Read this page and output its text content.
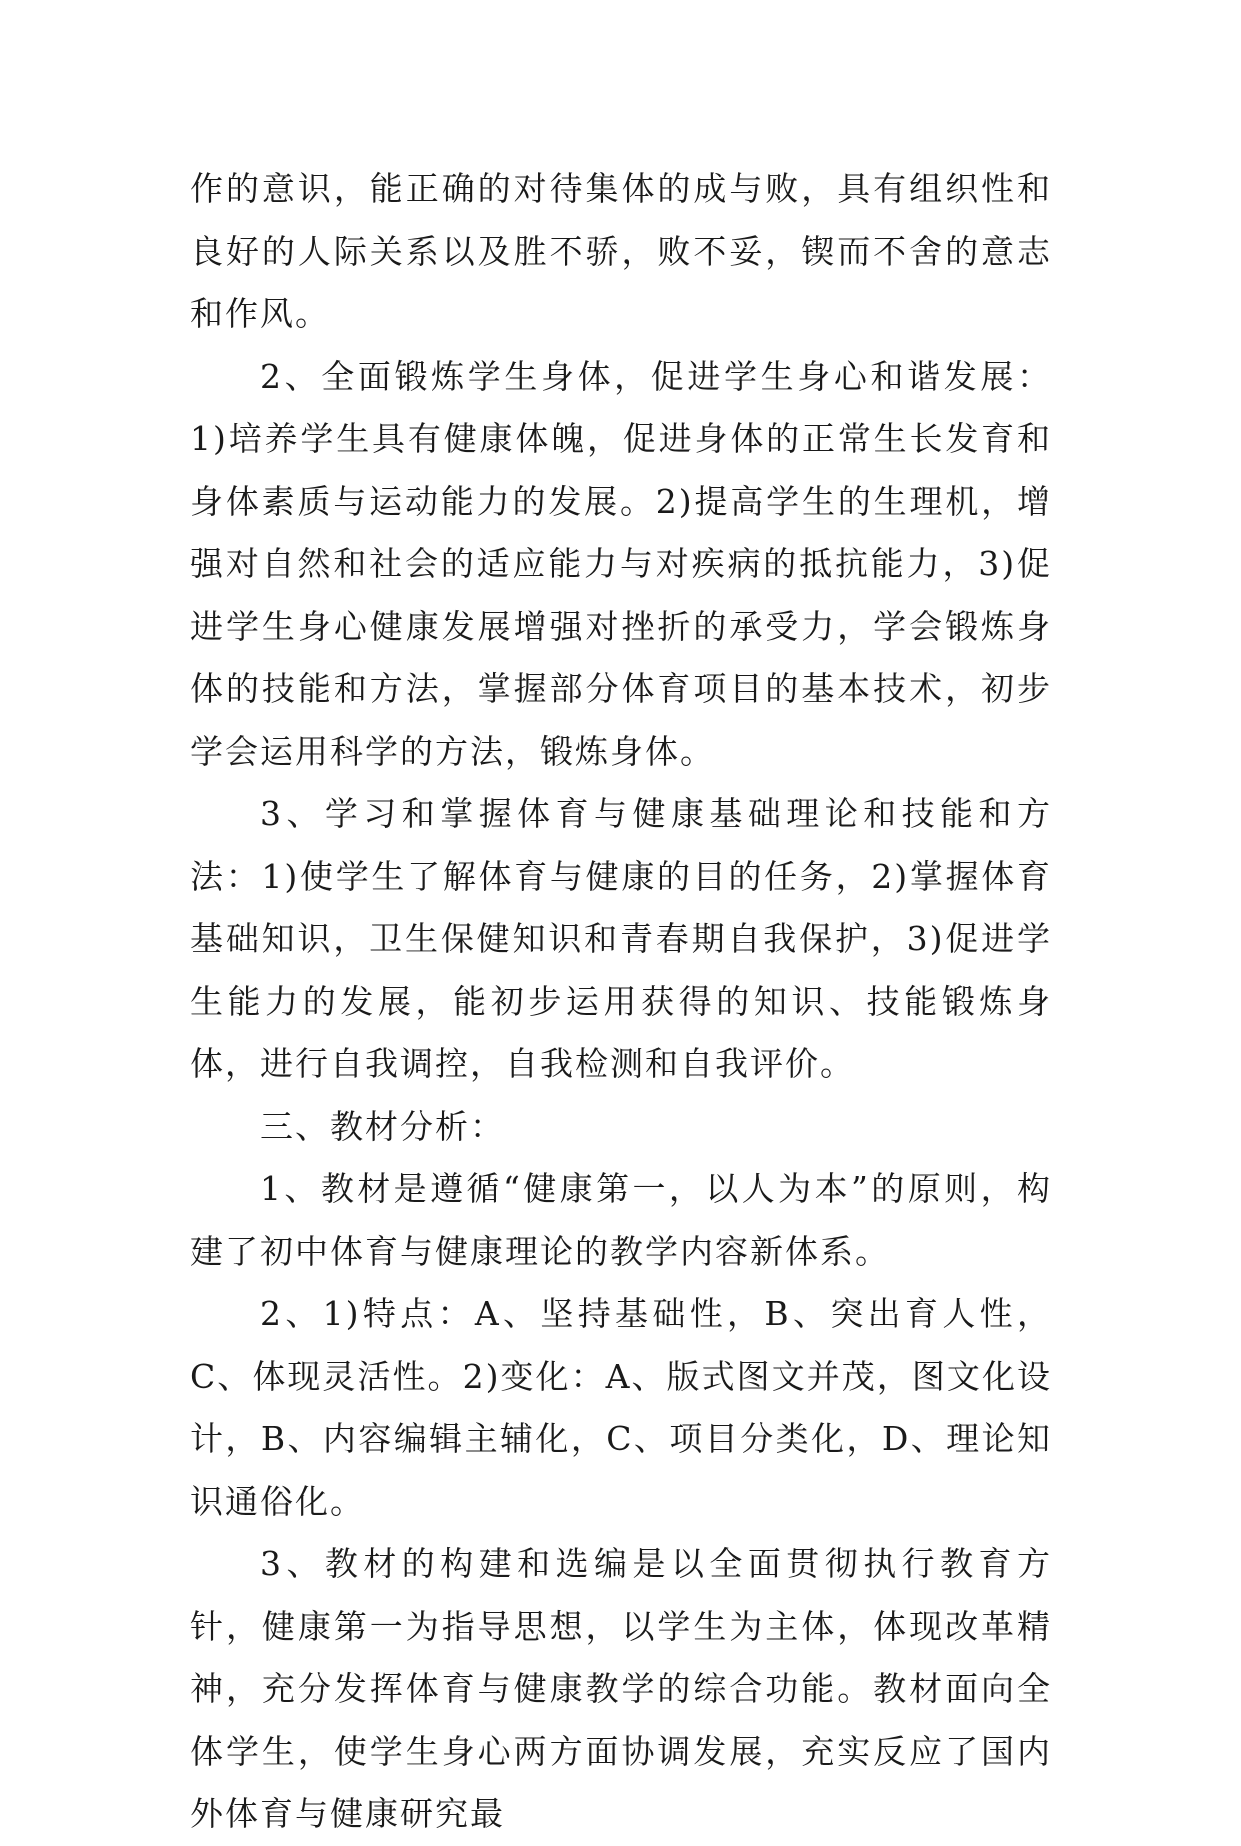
作的意识，能正确的对待集体的成与败，具有组织性和良好的人际关系以及胜不骄，败不妥，锲而不舍的意志和作风。

2、全面锻炼学生身体，促进学生身心和谐发展：1)培养学生具有健康体魄，促进身体的正常生长发育和身体素质与运动能力的发展。2)提高学生的生理机，增强对自然和社会的适应能力与对疾病的抵抗能力，3)促进学生身心健康发展增强对挫折的承受力，学会锻炼身体的技能和方法，掌握部分体育项目的基本技术，初步学会运用科学的方法，锻炼身体。

3、学习和掌握体育与健康基础理论和技能和方法：1)使学生了解体育与健康的目的任务，2)掌握体育基础知识，卫生保健知识和青春期自我保护，3)促进学生能力的发展，能初步运用获得的知识、技能锻炼身体，进行自我调控，自我检测和自我评价。

三、教材分析：

1、教材是遵循“健康第一，以人为本”的原则，构建了初中体育与健康理论的教学内容新体系。

2、1)特点：A、坚持基础性，B、突出育人性，C、体现灵活性。2)变化：A、版式图文并茂，图文化设计，B、内容编辑主辅化，C、项目分类化，D、理论知识通俗化。

3、教材的构建和选编是以全面贯彻执行教育方针，健康第一为指导思想，以学生为主体，体现改革精神，充分发挥体育与健康教学的综合功能。教材面向全体学生，使学生身心两方面协调发展，充实反应了国内外体育与健康研究最
